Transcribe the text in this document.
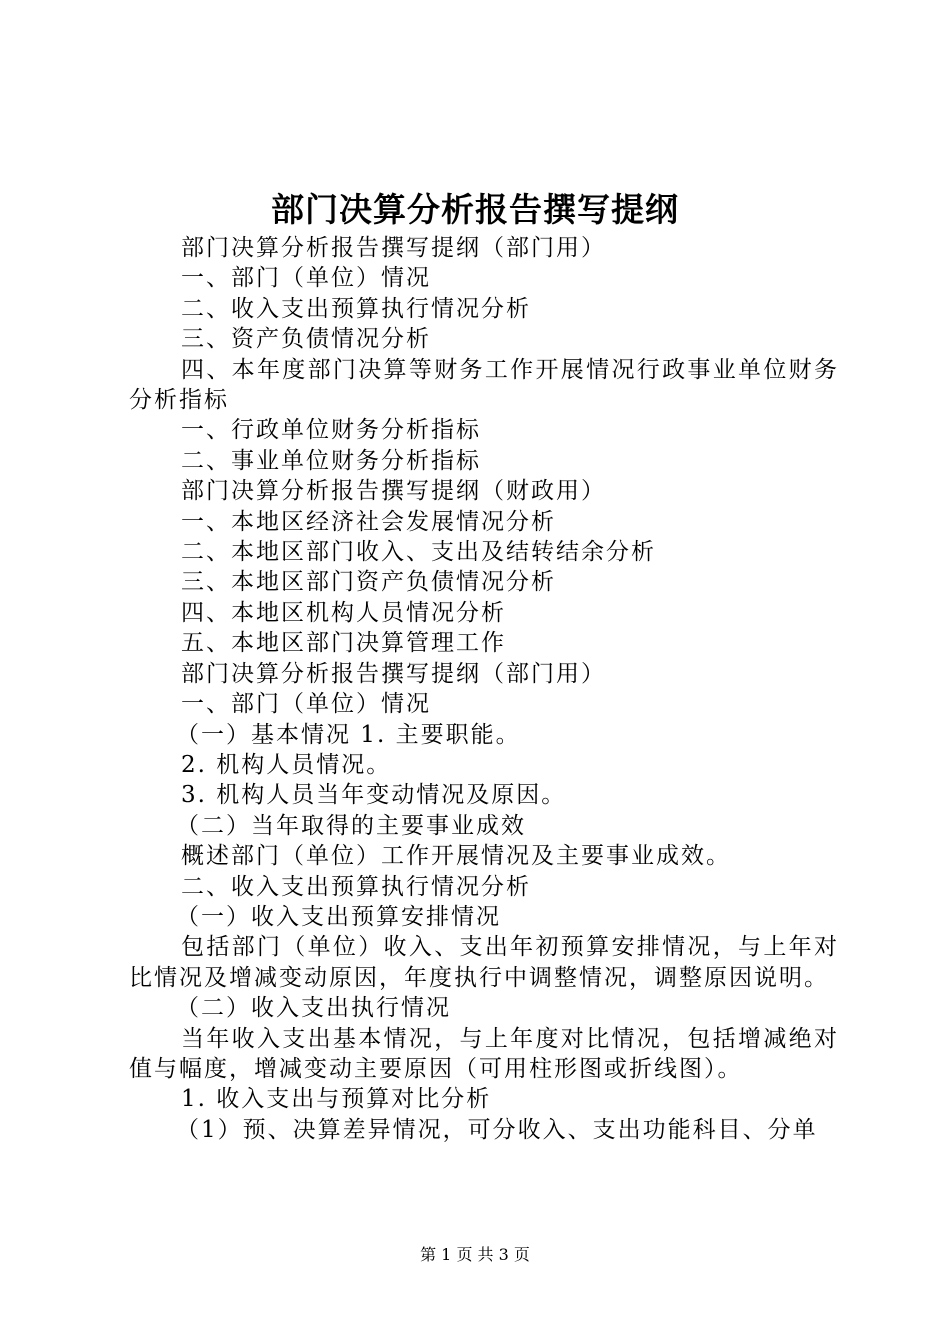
部门决算分析报告撰写提纲

部门决算分析报告撰写提纲（部门用）

一、部门（单位）情况

二、收入支出预算执行情况分析

三、资产负债情况分析

四、本年度部门决算等财务工作开展情况行政事业单位财务分析指标

一、行政单位财务分析指标

二、事业单位财务分析指标

部门决算分析报告撰写提纲（财政用）

一、本地区经济社会发展情况分析

二、本地区部门收入、支出及结转结余分析

三、本地区部门资产负债情况分析

四、本地区机构人员情况分析

五、本地区部门决算管理工作

部门决算分析报告撰写提纲（部门用）

一、部门（单位）情况

（一）基本情况 1. 主要职能。

2. 机构人员情况。

3. 机构人员当年变动情况及原因。

（二）当年取得的主要事业成效

概述部门（单位）工作开展情况及主要事业成效。

二、收入支出预算执行情况分析

（一）收入支出预算安排情况

包括部门（单位）收入、支出年初预算安排情况，与上年对比情况及增减变动原因，年度执行中调整情况，调整原因说明。

（二）收入支出执行情况

当年收入支出基本情况，与上年度对比情况，包括增减绝对值与幅度，增减变动主要原因（可用柱形图或折线图）。

1. 收入支出与预算对比分析

（1）预、决算差异情况，可分收入、支出功能科目、分单

第 1 页 共 3 页
